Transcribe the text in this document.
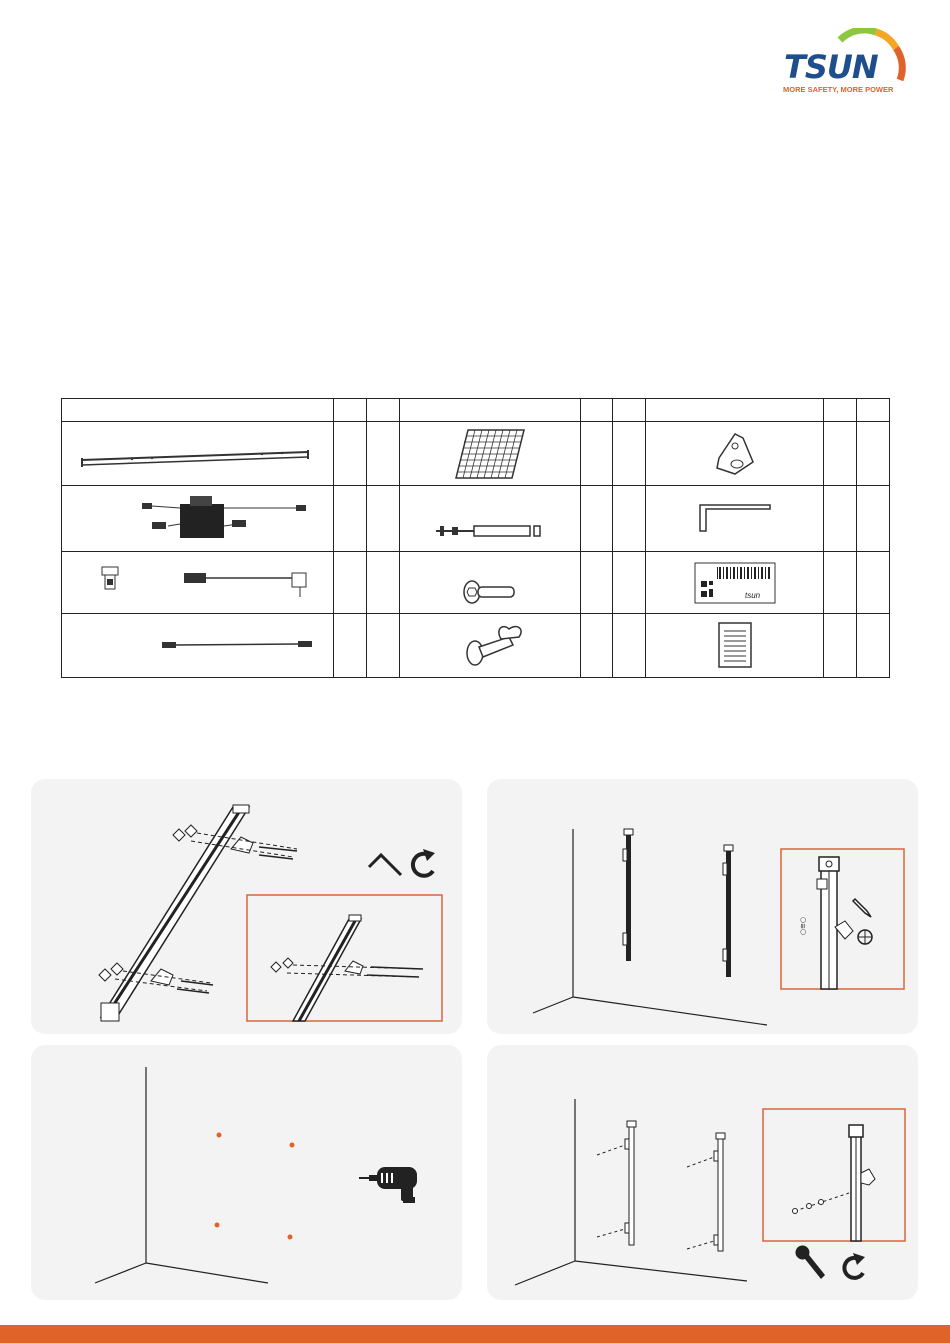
TSUN
MORE SAFETY, MORE POWER

tsun		

○≡○
